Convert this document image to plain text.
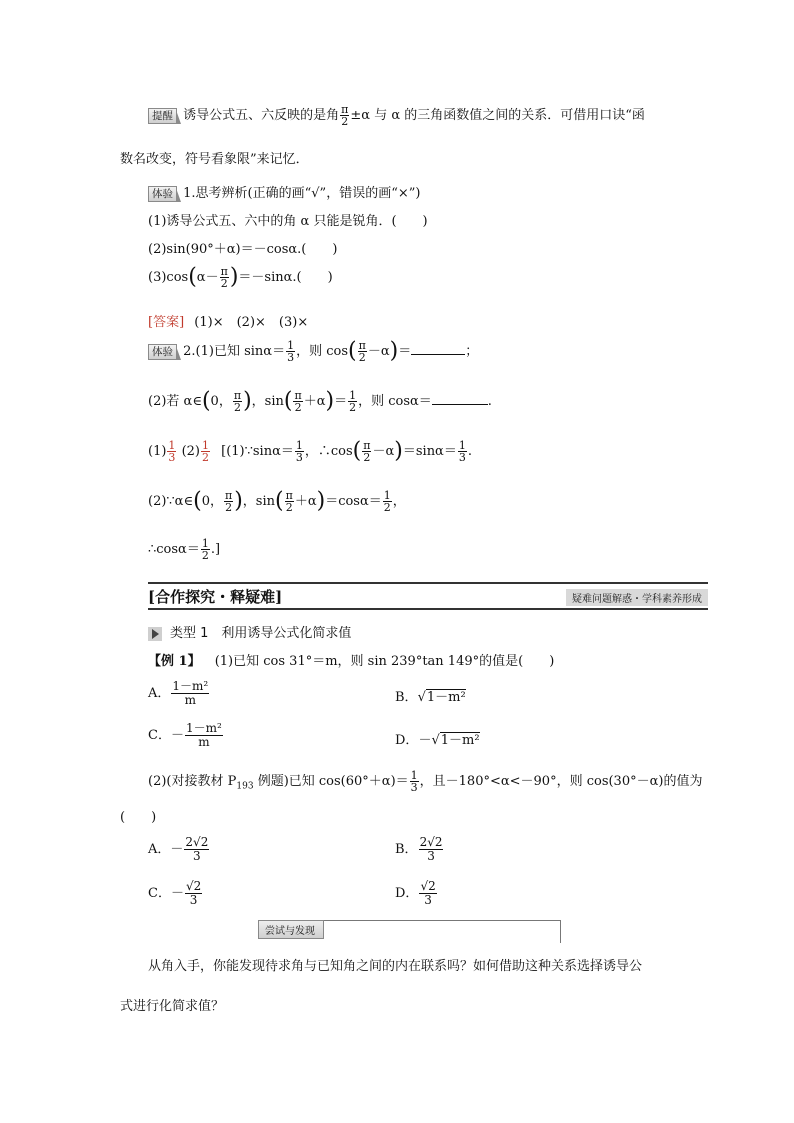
提醒 诱导公式五、六反映的是角 $\frac{\pi}{2} \pm\alpha$ 与 α 的三角函数值之间的关系．可借用口诀“函
数名改变，符号看象限”来记忆．
体验 1.思考辨析(正确的画“√”，错误的画“×”)
(1)诱导公式五、六中的角 α 只能是锐角．(　　)
(2)sin(90°＋α)＝－cosα.(　　)
$(3)\cos(\alpha- \frac{\pi}{2} )=-\sin\alpha$.(　　)
[答案] (1)×　(2)×　(3)×
体验 2.(1)已知 $\sin\alpha= \frac{1}{3}$ ，则 $\cos( \frac{\pi}{2} -\alpha)=$	；
(2)若 α∈(0， $\frac{\pi}{2}$ )，$\sin( \frac{\pi}{2} +\alpha)= \frac{1}{2}$ ，则 cosα＝	.
$(1) \frac{1}{3} (2) \frac{1}{2}$ [(1)∵sinα＝ $\frac{1}{3}$ ，∴cos( $\frac{\pi}{2} -\alpha)=\sin\alpha= \frac{1}{3}$ .
(2)∵α∈(0， $\frac{\pi}{2}$ )，$\sin( \frac{\pi}{2} +\alpha)=\cos\alpha= \frac{1}{2}$ ，
∴cosα＝ $\frac{1}{2}$ .]
[合作探究・释疑难]	疑难问题解惑・学科素养形成
类型 1　利用诱导公式化简求值
【例 1】 (1)已知 cos 31°＝m，则 sin 239°tan 149°的值是(　　)
A． $\frac{\text{1－m²}}{m}$	B．√1－m²
C．－ $\frac{\text{1－m²}}{m}$	D．－√1－m²
(2)(对接教材 $P_{193}$ 例题)已知 $\cos(60^\circ+\alpha)= \frac{1}{3}$ ，且－180°<α<－90°，则 cos(30°－α)的值为
(　　)
A．－ $\frac{2√2}{3}$	B． $\frac{2√2}{3}$
C．－ $\frac{√2}{3}$	D． $\frac{√2}{3}$
尝试与发现
从角入手，你能发现待求角与已知角之间的内在联系吗？如何借助这种关系选择诱导公
式进行化简求值？
